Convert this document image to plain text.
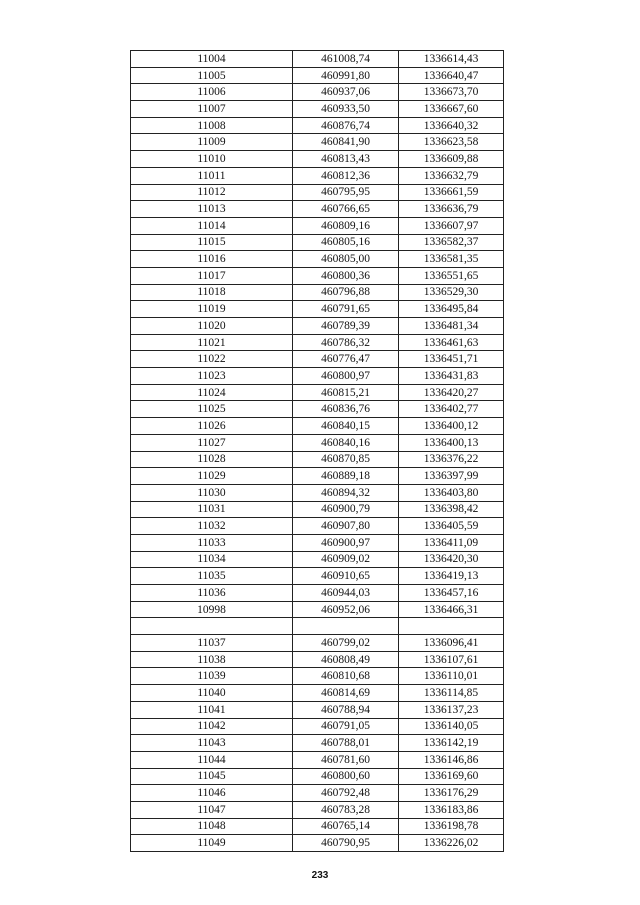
11004	461008,74	1336614,43
11005	460991,80	1336640,47
11006	460937,06	1336673,70
11007	460933,50	1336667,60
11008	460876,74	1336640,32
11009	460841,90	1336623,58
11010	460813,43	1336609,88
11011	460812,36	1336632,79
11012	460795,95	1336661,59
11013	460766,65	1336636,79
11014	460809,16	1336607,97
11015	460805,16	1336582,37
11016	460805,00	1336581,35
11017	460800,36	1336551,65
11018	460796,88	1336529,30
11019	460791,65	1336495,84
11020	460789,39	1336481,34
11021	460786,32	1336461,63
11022	460776,47	1336451,71
11023	460800,97	1336431,83
11024	460815,21	1336420,27
11025	460836,76	1336402,77
11026	460840,15	1336400,12
11027	460840,16	1336400,13
11028	460870,85	1336376,22
11029	460889,18	1336397,99
11030	460894,32	1336403,80
11031	460900,79	1336398,42
11032	460907,80	1336405,59
11033	460900,97	1336411,09
11034	460909,02	1336420,30
11035	460910,65	1336419,13
11036	460944,03	1336457,16
10998	460952,06	1336466,31

11037	460799,02	1336096,41
11038	460808,49	1336107,61
11039	460810,68	1336110,01
11040	460814,69	1336114,85
11041	460788,94	1336137,23
11042	460791,05	1336140,05
11043	460788,01	1336142,19
11044	460781,60	1336146,86
11045	460800,60	1336169,60
11046	460792,48	1336176,29
11047	460783,28	1336183,86
11048	460765,14	1336198,78
11049	460790,95	1336226,02
233
